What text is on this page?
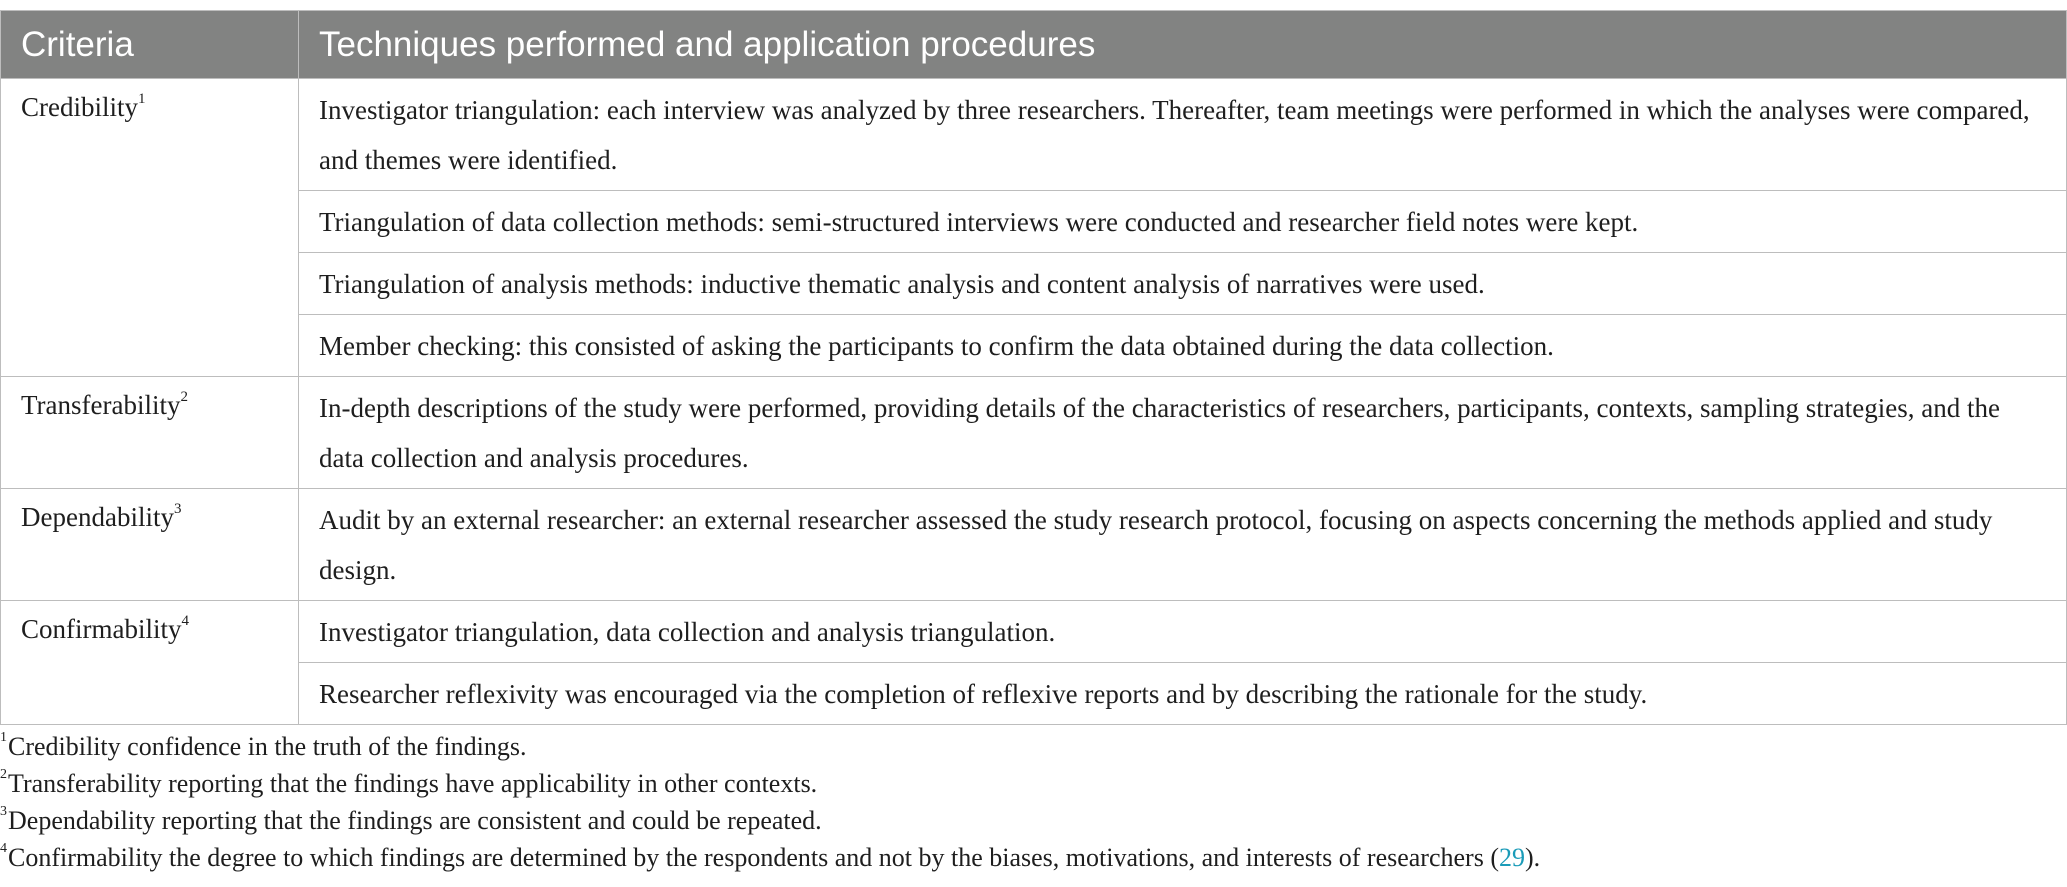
Criteria	Techniques performed and application procedures
Credibility$^1$	Investigator triangulation: each interview was analyzed by three researchers. Thereafter, team meetings were performed in which the analyses were compared, and themes were identified.
	Triangulation of data collection methods: semi-structured interviews were conducted and researcher field notes were kept.
	Triangulation of analysis methods: inductive thematic analysis and content analysis of narratives were used.
	Member checking: this consisted of asking the participants to confirm the data obtained during the data collection.
Transferability$^2$	In-depth descriptions of the study were performed, providing details of the characteristics of researchers, participants, contexts, sampling strategies, and the data collection and analysis procedures.
Dependability$^3$	Audit by an external researcher: an external researcher assessed the study research protocol, focusing on aspects concerning the methods applied and study design.
Confirmability$^4$	Investigator triangulation, data collection and analysis triangulation.
	Researcher reflexivity was encouraged via the completion of reflexive reports and by describing the rationale for the study.
$^1$Credibility confidence in the truth of the findings.
$^2$Transferability reporting that the findings have applicability in other contexts.
$^3$Dependability reporting that the findings are consistent and could be repeated.
$^4$Confirmability the degree to which findings are determined by the respondents and not by the biases, motivations, and interests of researchers (29).
